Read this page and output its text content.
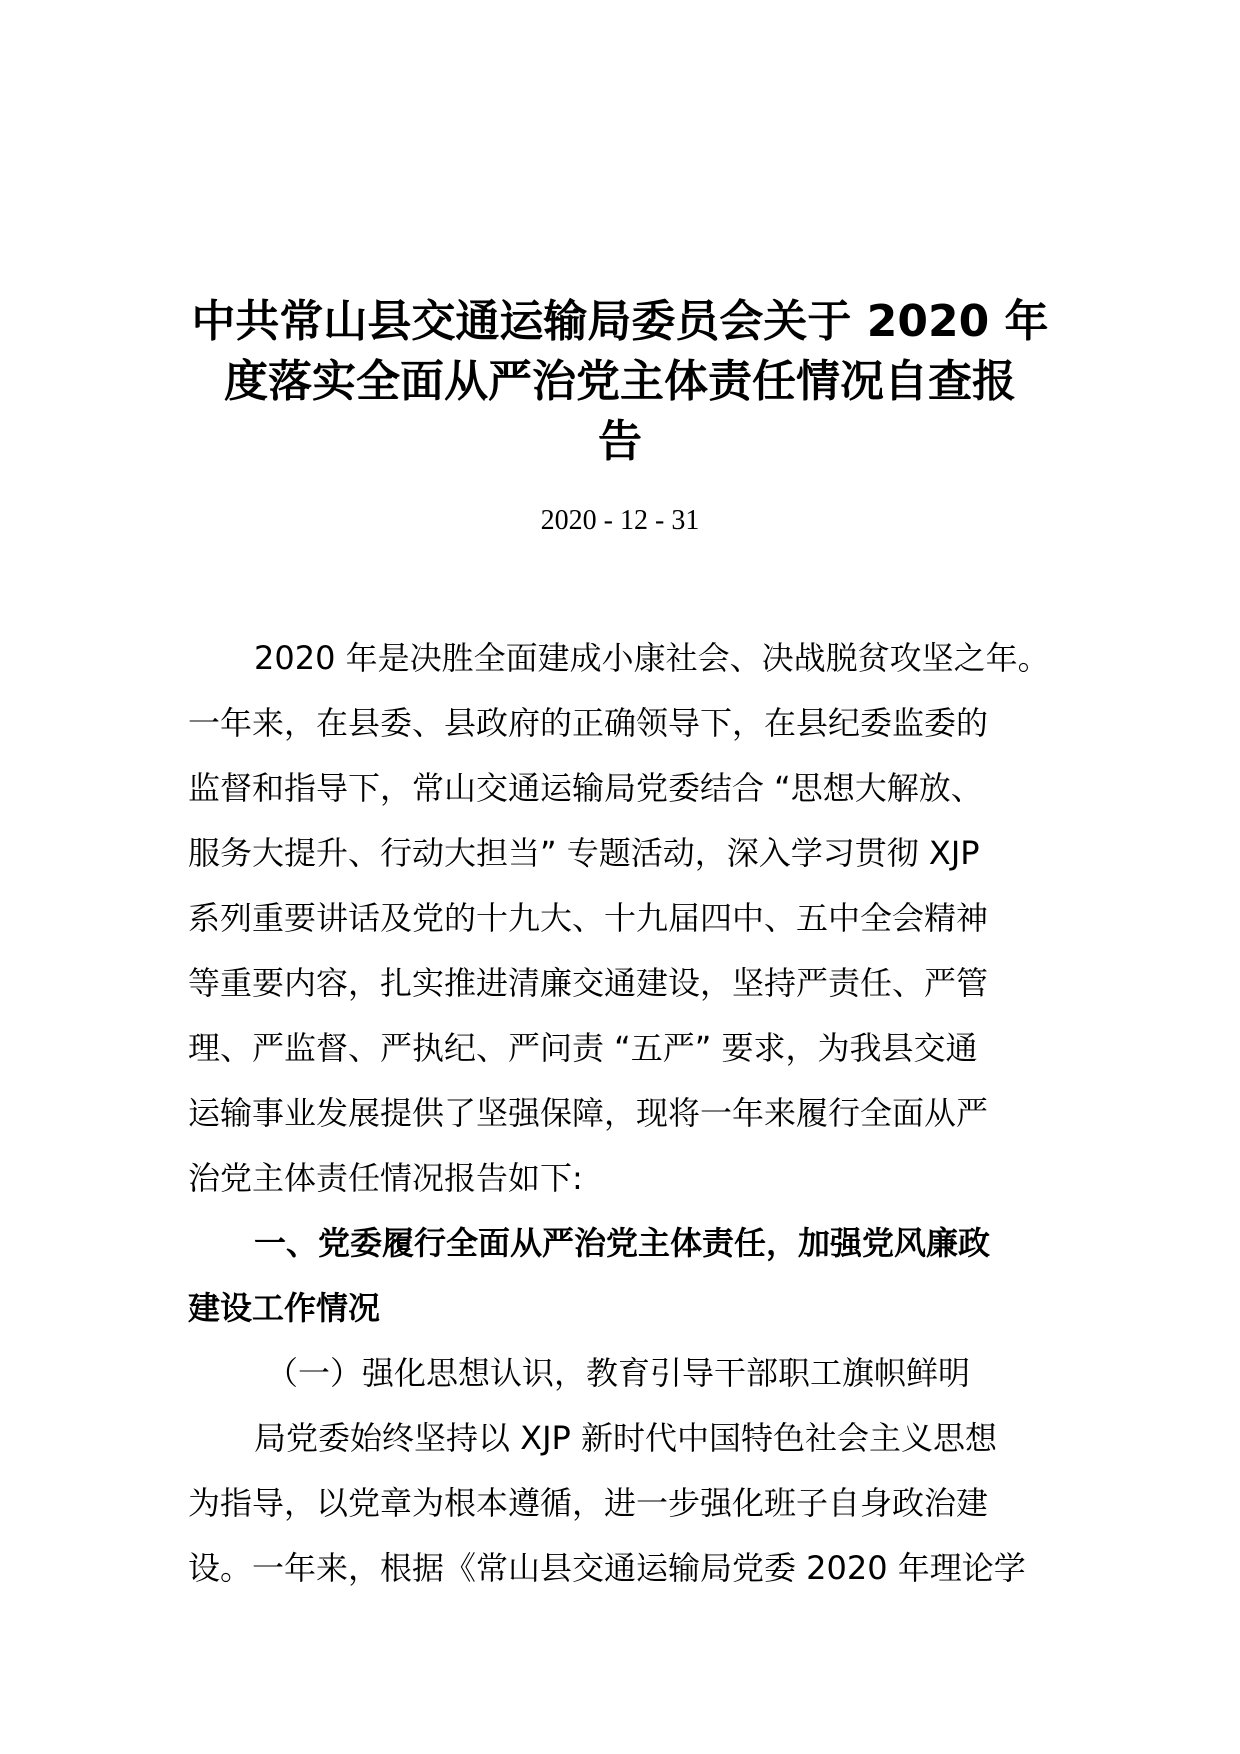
中共常山县交通运输局委员会关于 2020 年
度落实全面从严治党主体责任情况自查报
告
2020 - 12 - 31
2020 年是决胜全面建成小康社会、决战脱贫攻坚之年。
一年来，在县委、县政府的正确领导下，在县纪委监委的
监督和指导下，常山交通运输局党委结合 “思想大解放、
服务大提升、行动大担当” 专题活动，深入学习贯彻 XJP
系列重要讲话及党的十九大、十九届四中、五中全会精神
等重要内容，扎实推进清廉交通建设，坚持严责任、严管
理、严监督、严执纪、严问责 “五严” 要求，为我县交通
运输事业发展提供了坚强保障，现将一年来履行全面从严
治党主体责任情况报告如下:
一、党委履行全面从严治党主体责任，加强党风廉政
建设工作情况
（一）强化思想认识，教育引导干部职工旗帜鲜明
局党委始终坚持以 XJP 新时代中国特色社会主义思想
为指导，以党章为根本遵循，进一步强化班子自身政治建
设。一年来，根据《常山县交通运输局党委 2020 年理论学
